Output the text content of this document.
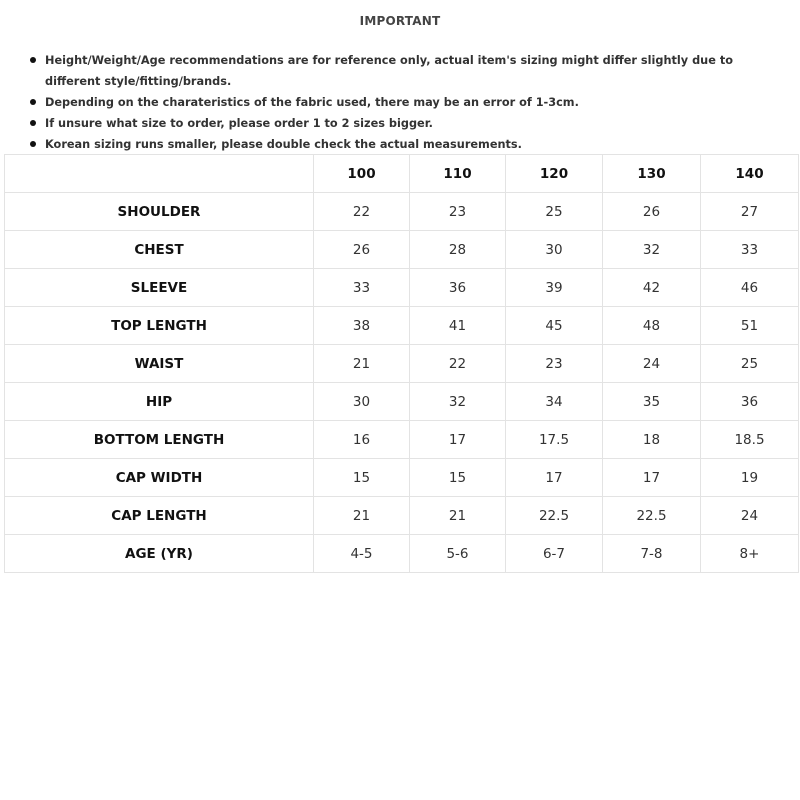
IMPORTANT
Height/Weight/Age recommendations are for reference only, actual item's sizing might differ slightly due to different style/fitting/brands.
Depending on the charateristics of the fabric used, there may be an error of 1-3cm.
If unsure what size to order, please order 1 to 2 sizes bigger.
Korean sizing runs smaller, please double check the actual measurements.
	100	110	120	130	140
SHOULDER	22	23	25	26	27
CHEST	26	28	30	32	33
SLEEVE	33	36	39	42	46
TOP LENGTH	38	41	45	48	51
WAIST	21	22	23	24	25
HIP	30	32	34	35	36
BOTTOM LENGTH	16	17	17.5	18	18.5
CAP WIDTH	15	15	17	17	19
CAP LENGTH	21	21	22.5	22.5	24
AGE (YR)	4-5	5-6	6-7	7-8	8+
